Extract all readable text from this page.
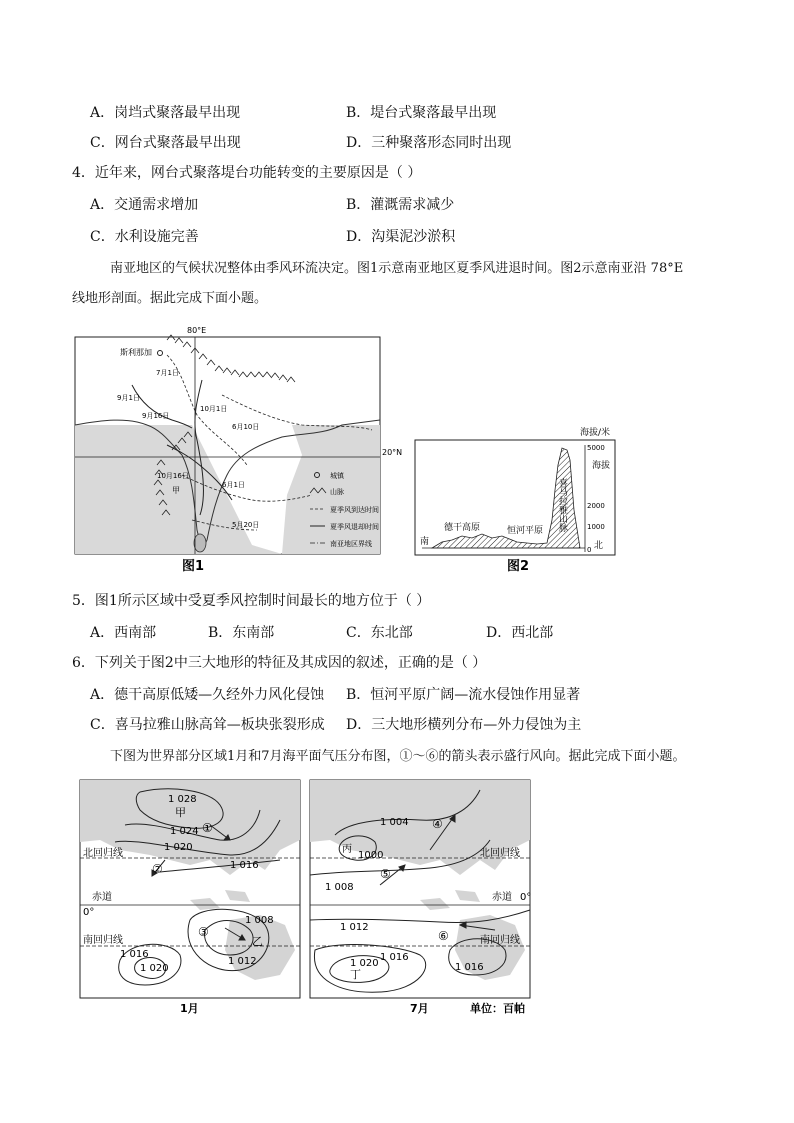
A．岗垱式聚落最早出现	B．堤台式聚落最早出现
C．网台式聚落最早出现	D．三种聚落形态同时出现
4．近年来，网台式聚落堤台功能转变的主要原因是（ ）
A．交通需求增加	B．灌溉需求减少
C．水利设施完善	D．沟渠泥沙淤积
南亚地区的气候状况整体由季风环流决定。图1示意南亚地区夏季风进退时间。图2示意南亚沿 78°E
线地形剖面。据此完成下面小题。
80°E
20°N
斯利那加
7月1日
9月1日
9月16日
10月1日
6月10日
10月16日
6月1日
5月20日
甲
城镇
山脉
夏季风到达时间
夏季风退却时间
南亚地区界线
图1
海拔/米
5000
2000
1000
0
海拔
南	北
德干高原	恒河平原 喜马拉雅山脉
图2
5．图1所示区域中受夏季风控制时间最长的地方位于（ ）
A．西南部	B．东南部	C．东北部	D．西北部
6．下列关于图2中三大地形的特征及其成因的叙述，正确的是（ ）
A．德干高原低矮—久经外力风化侵蚀 B．恒河平原广阔—流水侵蚀作用显著
C．喜马拉雅山脉高耸—板块张裂形成 D．三大地形横列分布—外力侵蚀为主
下图为世界部分区域1月和7月海平面气压分布图，①～⑥的箭头表示盛行风向。据此完成下面小题。
北回归线
赤道
0°
南回归线
1 028
1 024
1 020
1 016
1 008
1 012
1 016
1 020
甲
①
②
③
乙
1月
北回归线
赤道 0°
南回归线
1 004
1000
1 008
1 012
1 016
1 020	1 016
丙
④
⑤
⑥
丁
7月	单位：百帕
